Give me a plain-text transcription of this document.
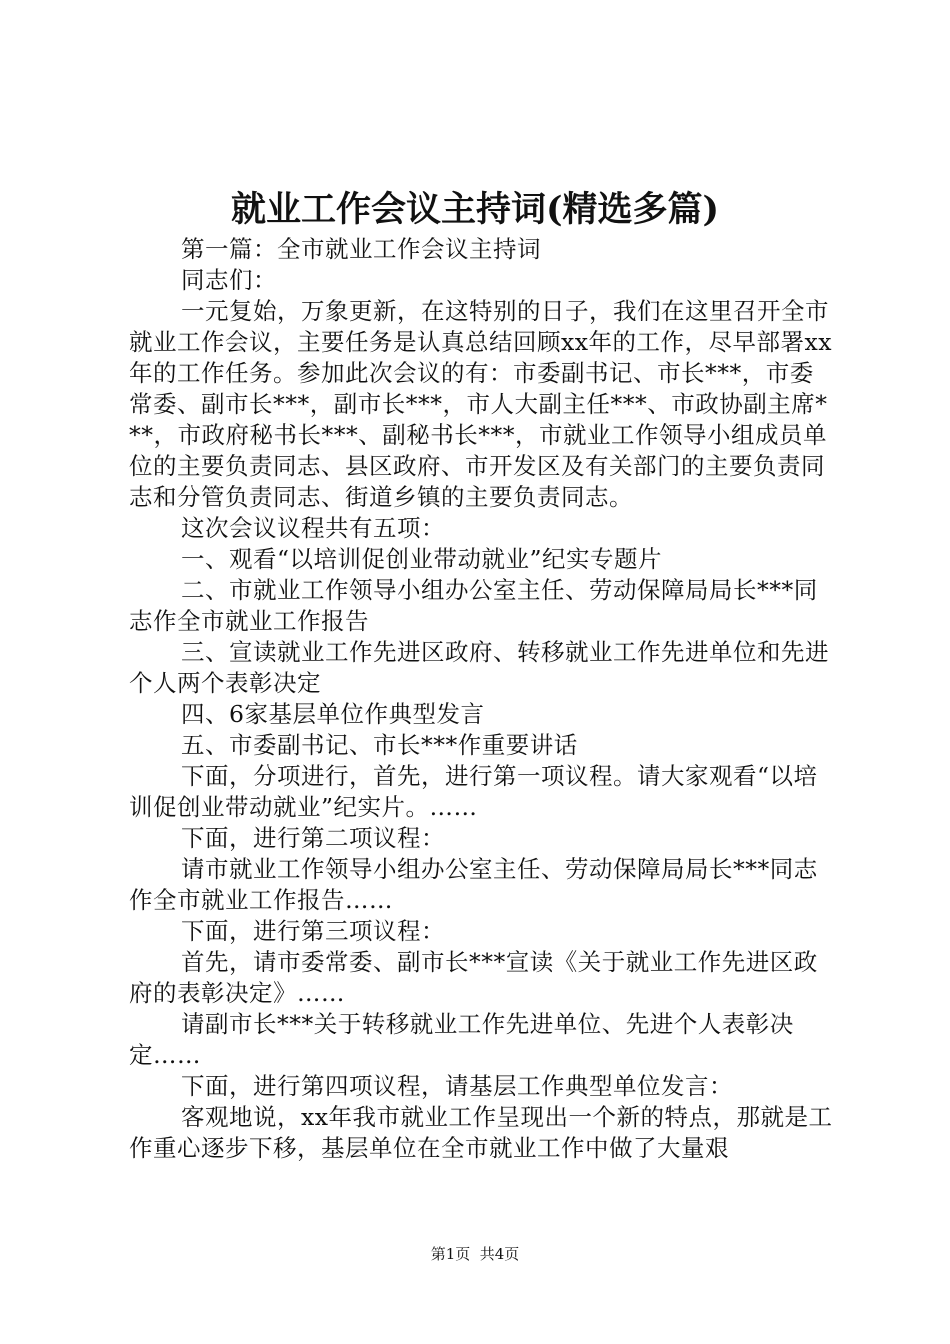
就业工作会议主持词(精选多篇)

第一篇：全市就业工作会议主持词

同志们：

一元复始，万象更新，在这特别的日子，我们在这里召开全市就业工作会议，主要任务是认真总结回顾xx年的工作，尽早部署xx年的工作任务。参加此次会议的有：市委副书记、市长***，市委常委、副市长***，副市长***，市人大副主任***、市政协副主席***，市政府秘书长***、副秘书长***，市就业工作领导小组成员单位的主要负责同志、县区政府、市开发区及有关部门的主要负责同志和分管负责同志、街道乡镇的主要负责同志。

这次会议议程共有五项：

一、观看“以培训促创业带动就业”纪实专题片

二、市就业工作领导小组办公室主任、劳动保障局局长***同志作全市就业工作报告

三、宣读就业工作先进区政府、转移就业工作先进单位和先进个人两个表彰决定

四、6家基层单位作典型发言

五、市委副书记、市长***作重要讲话

下面，分项进行，首先，进行第一项议程。请大家观看“以培训促创业带动就业”纪实片。……

下面，进行第二项议程：

请市就业工作领导小组办公室主任、劳动保障局局长***同志作全市就业工作报告……

下面，进行第三项议程：

首先，请市委常委、副市长***宣读《关于就业工作先进区政府的表彰决定》……

请副市长***关于转移就业工作先进单位、先进个人表彰决定……

下面，进行第四项议程，请基层工作典型单位发言：

客观地说，xx年我市就业工作呈现出一个新的特点，那就是工作重心逐步下移，基层单位在全市就业工作中做了大量艰

第1页  共4页
